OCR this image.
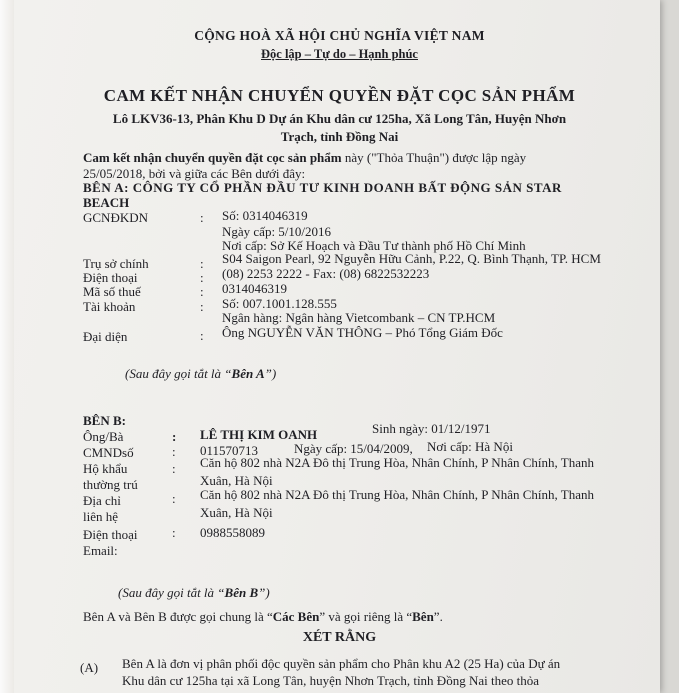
CỘNG HOÀ XÃ HỘI CHỦ NGHĨA VIỆT NAM
Độc lập – Tự do – Hạnh phúc
CAM KẾT NHẬN CHUYỂN QUYỀN ĐẶT CỌC SẢN PHẨM
Lô LKV36-13, Phân Khu D Dự án Khu dân cư 125ha, Xã Long Tân, Huyện Nhơn
Trạch, tỉnh Đồng Nai
Cam kết nhận chuyển quyền đặt cọc sản phẩm này ("Thỏa Thuận") được lập ngày
25/05/2018, bởi và giữa các Bên dưới đây:
BÊN A: CÔNG TY CỔ PHẦN ĐẦU TƯ KINH DOANH BẤT ĐỘNG SẢN STAR
BEACH
GCNĐKDN	: Số: 0314046319
Ngày cấp: 5/10/2016
Nơi cấp: Sở Kế Hoạch và Đầu Tư thành phố Hồ Chí Minh
Trụ sở chính	: S04 Saigon Pearl, 92 Nguyễn Hữu Cảnh, P.22, Q. Bình Thạnh, TP. HCM
Điện thoại	: (08) 2253 2222 - Fax: (08) 6822532223
Mã số thuế	: 0314046319
Tài khoản	: Số: 007.1001.128.555
Ngân hàng: Ngân hàng Vietcombank – CN TP.HCM
Đại diện	: Ông NGUYỄN VĂN THÔNG – Phó Tổng Giám Đốc
(Sau đây gọi tắt là “Bên A”)
BÊN B:
Ông/Bà	: LÊ THỊ KIM OANH	Sinh ngày: 01/12/1971
CMNDsố	: 011570713	Ngày cấp: 15/04/2009, Nơi cấp: Hà Nội
Hộ khẩu	: Căn hộ 802 nhà N2A Đô thị Trung Hòa, Nhân Chính, P Nhân Chính, Thanh
thường trú	Xuân, Hà Nội
Địa chỉ	: Căn hộ 802 nhà N2A Đô thị Trung Hòa, Nhân Chính, P Nhân Chính, Thanh
liên hệ	Xuân, Hà Nội
Điện thoại	: 0988558089
Email:
(Sau đây gọi tắt là “Bên B”)
Bên A và Bên B được gọi chung là “Các Bên” và gọi riêng là “Bên”.
XÉT RẰNG
(A) Bên A là đơn vị phân phối độc quyền sản phẩm cho Phân khu A2 (25 Ha) của Dự án
Khu dân cư 125ha tại xã Long Tân, huyện Nhơn Trạch, tỉnh Đồng Nai theo thỏa
